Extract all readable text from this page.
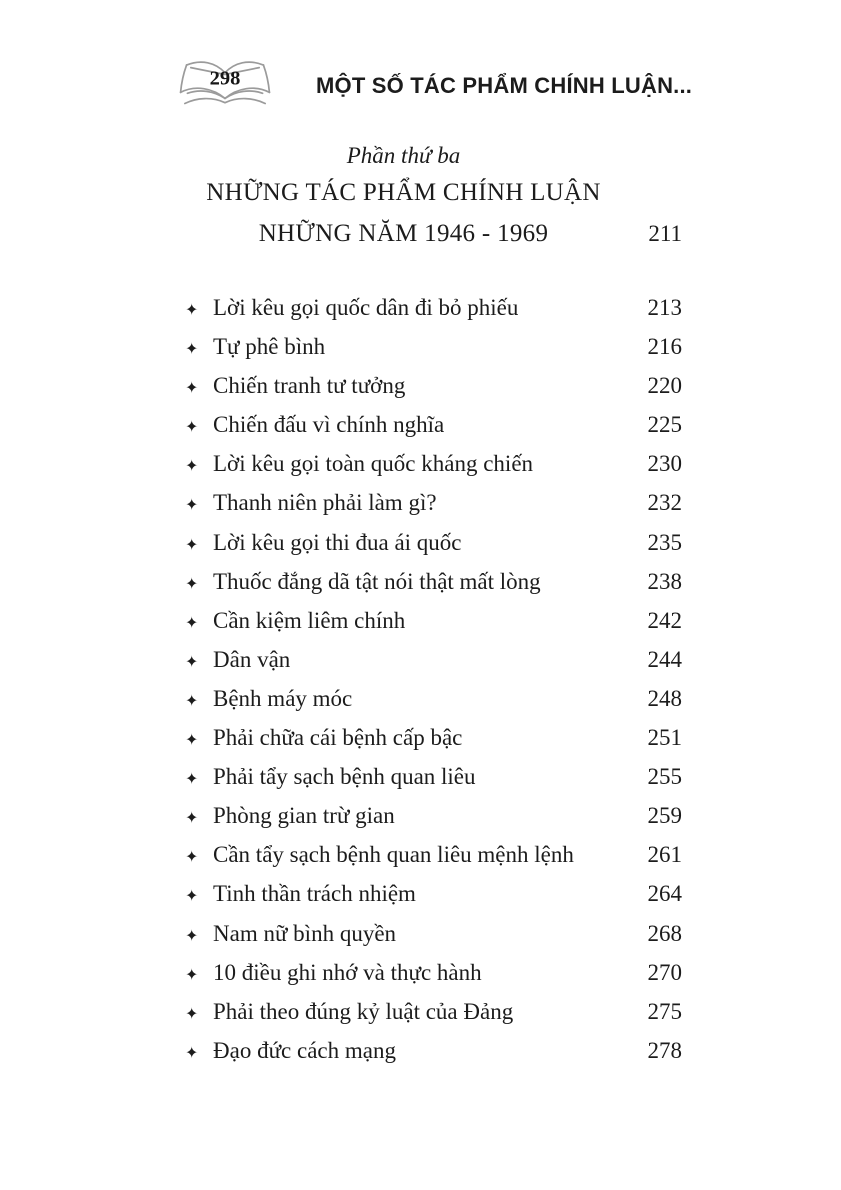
298	MỘT SỐ TÁC PHẨM CHÍNH LUẬN...
Phần thứ ba
NHỮNG TÁC PHẨM CHÍNH LUẬN
NHỮNG NĂM 1946 - 1969	211
✦ Lời kêu gọi quốc dân đi bỏ phiếu	213
✦ Tự phê bình	216
✦ Chiến tranh tư tưởng	220
✦ Chiến đấu vì chính nghĩa	225
✦ Lời kêu gọi toàn quốc kháng chiến	230
✦ Thanh niên phải làm gì?	232
✦ Lời kêu gọi thi đua ái quốc	235
✦ Thuốc đắng dã tật nói thật mất lòng	238
✦ Cần kiệm liêm chính	242
✦ Dân vận	244
✦ Bệnh máy móc	248
✦ Phải chữa cái bệnh cấp bậc	251
✦ Phải tẩy sạch bệnh quan liêu	255
✦ Phòng gian trừ gian	259
✦ Cần tẩy sạch bệnh quan liêu mệnh lệnh	261
✦ Tinh thần trách nhiệm	264
✦ Nam nữ bình quyền	268
✦ 10 điều ghi nhớ và thực hành	270
✦ Phải theo đúng kỷ luật của Đảng	275
✦ Đạo đức cách mạng	278
